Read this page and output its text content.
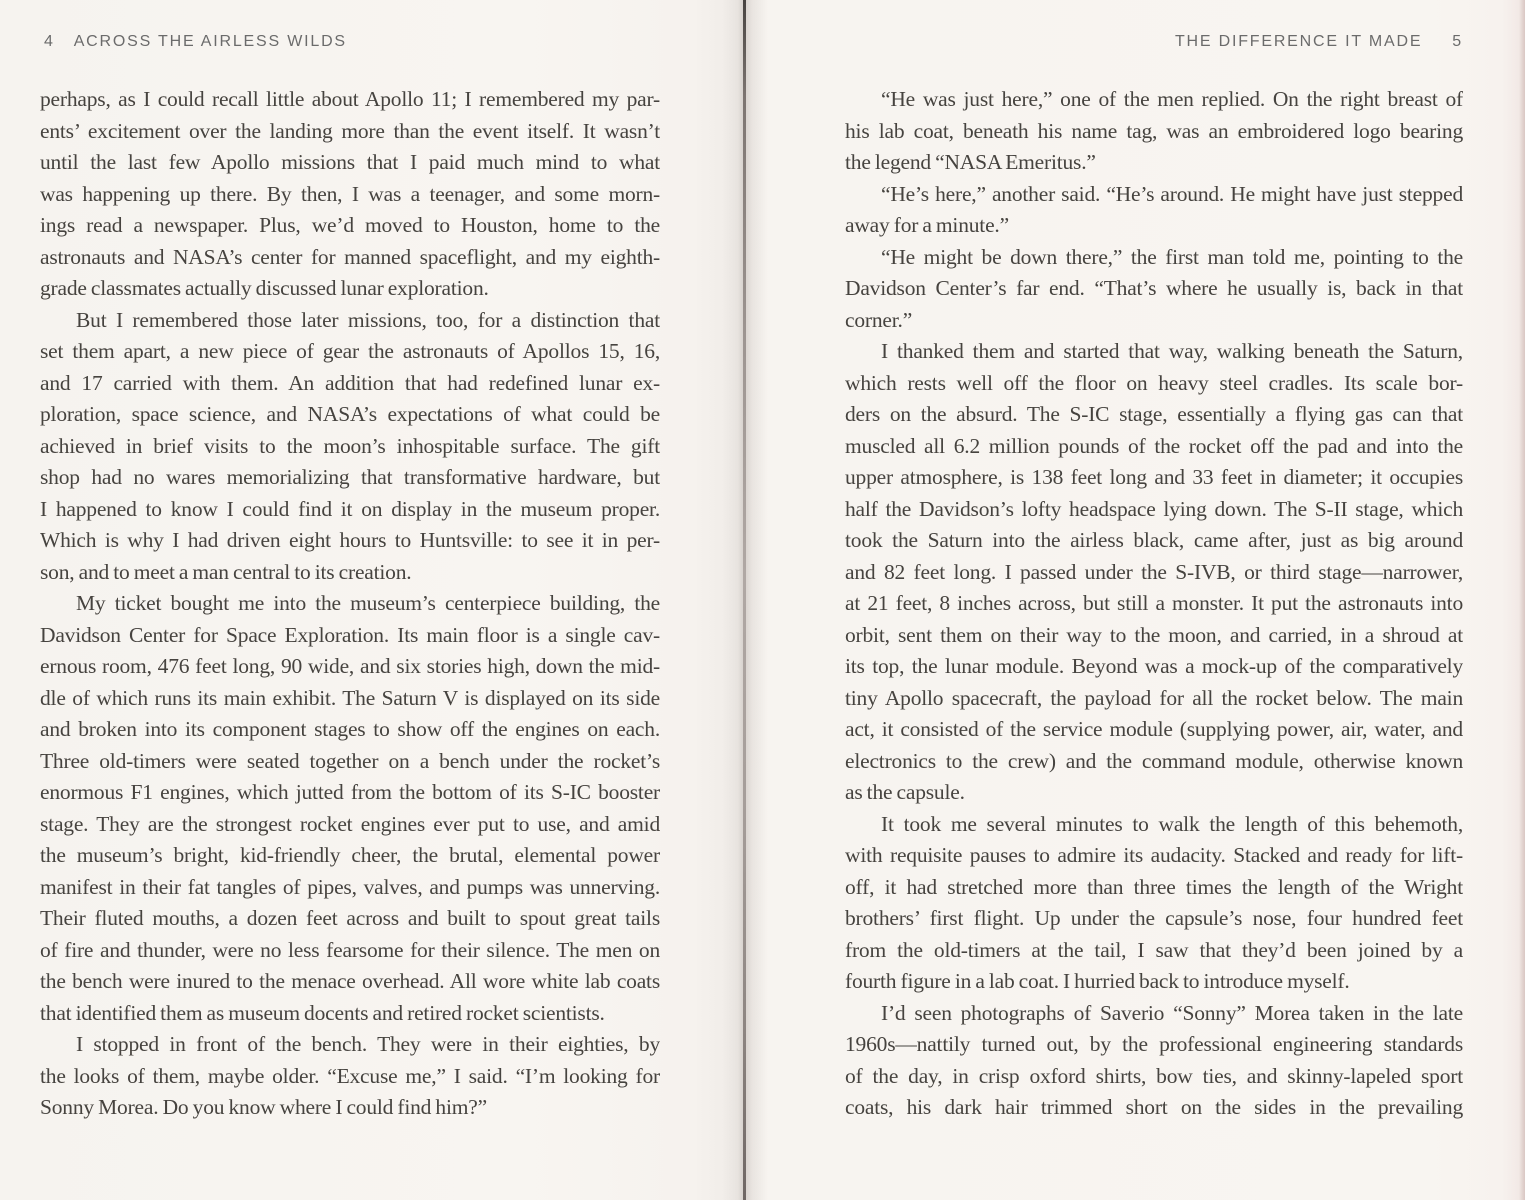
4 ACROSS THE AIRLESS WILDS
perhaps, as I could recall little about Apollo 11; I remembered my par-
ents’ excitement over the landing more than the event itself. It wasn’t
until the last few Apollo missions that I paid much mind to what
was happening up there. By then, I was a teenager, and some morn-
ings read a newspaper. Plus, we’d moved to Houston, home to the
astronauts and NASA’s center for manned spaceflight, and my eighth-
grade classmates actually discussed lunar exploration.
But I remembered those later missions, too, for a distinction that
set them apart, a new piece of gear the astronauts of Apollos 15, 16,
and 17 carried with them. An addition that had redefined lunar ex-
ploration, space science, and NASA’s expectations of what could be
achieved in brief visits to the moon’s inhospitable surface. The gift
shop had no wares memorializing that transformative hardware, but
I happened to know I could find it on display in the museum proper.
Which is why I had driven eight hours to Huntsville: to see it in per-
son, and to meet a man central to its creation.
My ticket bought me into the museum’s centerpiece building, the
Davidson Center for Space Exploration. Its main floor is a single cav-
ernous room, 476 feet long, 90 wide, and six stories high, down the mid-
dle of which runs its main exhibit. The Saturn V is displayed on its side
and broken into its component stages to show off the engines on each.
Three old-timers were seated together on a bench under the rocket’s
enormous F1 engines, which jutted from the bottom of its S-IC booster
stage. They are the strongest rocket engines ever put to use, and amid
the museum’s bright, kid-friendly cheer, the brutal, elemental power
manifest in their fat tangles of pipes, valves, and pumps was unnerving.
Their fluted mouths, a dozen feet across and built to spout great tails
of fire and thunder, were no less fearsome for their silence. The men on
the bench were inured to the menace overhead. All wore white lab coats
that identified them as museum docents and retired rocket scientists.
I stopped in front of the bench. They were in their eighties, by
the looks of them, maybe older. “Excuse me,” I said. “I’m looking for
Sonny Morea. Do you know where I could find him?”
THE DIFFERENCE IT MADE 5
“He was just here,” one of the men replied. On the right breast of
his lab coat, beneath his name tag, was an embroidered logo bearing
the legend “NASA Emeritus.”
“He’s here,” another said. “He’s around. He might have just stepped
away for a minute.”
“He might be down there,” the first man told me, pointing to the
Davidson Center’s far end. “That’s where he usually is, back in that
corner.”
I thanked them and started that way, walking beneath the Saturn,
which rests well off the floor on heavy steel cradles. Its scale bor-
ders on the absurd. The S-IC stage, essentially a flying gas can that
muscled all 6.2 million pounds of the rocket off the pad and into the
upper atmosphere, is 138 feet long and 33 feet in diameter; it occupies
half the Davidson’s lofty headspace lying down. The S-II stage, which
took the Saturn into the airless black, came after, just as big around
and 82 feet long. I passed under the S-IVB, or third stage—narrower,
at 21 feet, 8 inches across, but still a monster. It put the astronauts into
orbit, sent them on their way to the moon, and carried, in a shroud at
its top, the lunar module. Beyond was a mock-up of the comparatively
tiny Apollo spacecraft, the payload for all the rocket below. The main
act, it consisted of the service module (supplying power, air, water, and
electronics to the crew) and the command module, otherwise known
as the capsule.
It took me several minutes to walk the length of this behemoth,
with requisite pauses to admire its audacity. Stacked and ready for lift-
off, it had stretched more than three times the length of the Wright
brothers’ first flight. Up under the capsule’s nose, four hundred feet
from the old-timers at the tail, I saw that they’d been joined by a
fourth figure in a lab coat. I hurried back to introduce myself.
I’d seen photographs of Saverio “Sonny” Morea taken in the late
1960s—nattily turned out, by the professional engineering standards
of the day, in crisp oxford shirts, bow ties, and skinny-lapeled sport
coats, his dark hair trimmed short on the sides in the prevailing
